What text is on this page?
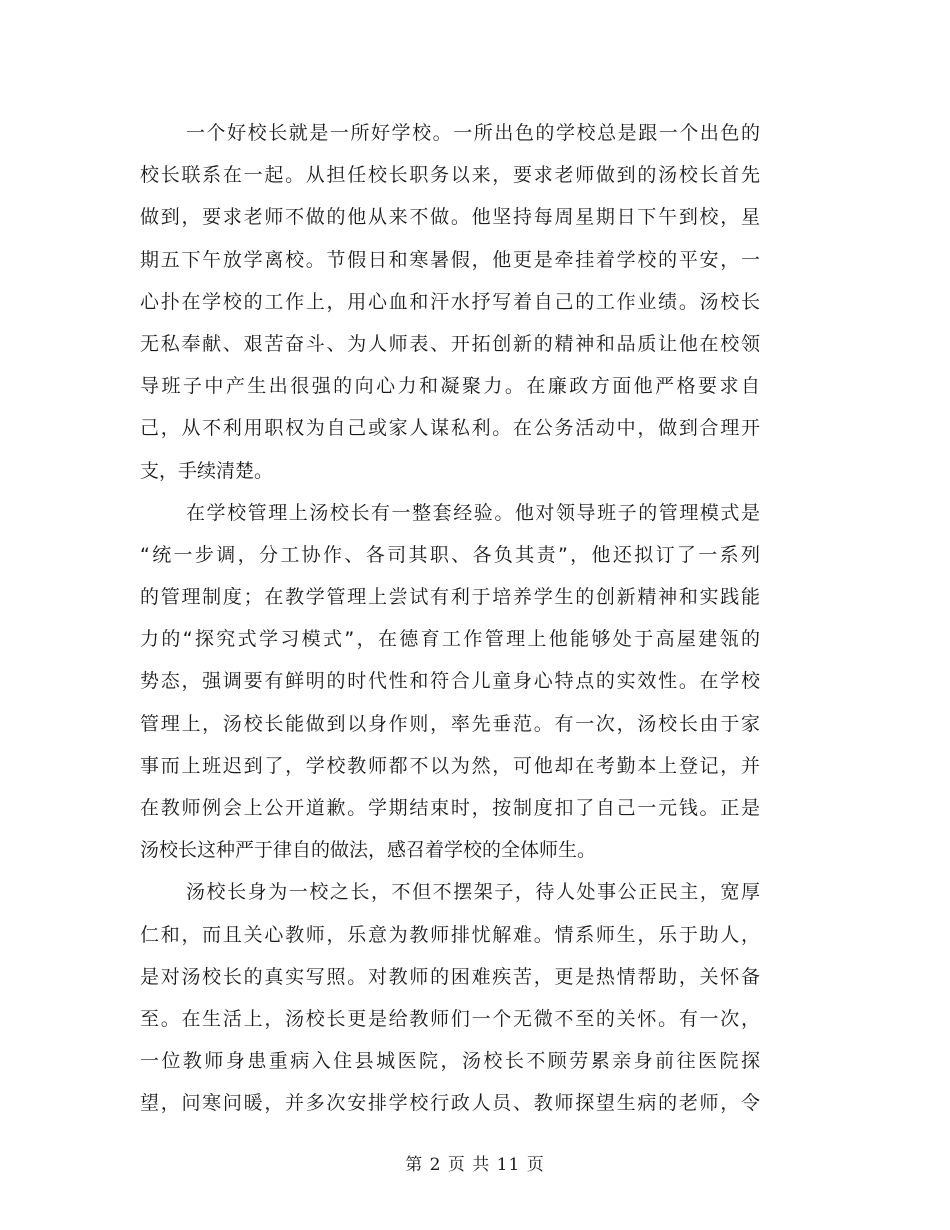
一个好校长就是一所好学校。一所出色的学校总是跟一个出色的
校长联系在一起。从担任校长职务以来，要求老师做到的汤校长首先
做到，要求老师不做的他从来不做。他坚持每周星期日下午到校，星
期五下午放学离校。节假日和寒暑假，他更是牵挂着学校的平安，一
心扑在学校的工作上，用心血和汗水抒写着自己的工作业绩。汤校长
无私奉献、艰苦奋斗、为人师表、开拓创新的精神和品质让他在校领
导班子中产生出很强的向心力和凝聚力。在廉政方面他严格要求自
己，从不利用职权为自己或家人谋私利。在公务活动中，做到合理开
支，手续清楚。
在学校管理上汤校长有一整套经验。他对领导班子的管理模式是
“统一步调，分工协作、各司其职、各负其责”，他还拟订了一系列
的管理制度；在教学管理上尝试有利于培养学生的创新精神和实践能
力的“探究式学习模式”，在德育工作管理上他能够处于高屋建瓴的
势态，强调要有鲜明的时代性和符合儿童身心特点的实效性。在学校
管理上，汤校长能做到以身作则，率先垂范。有一次，汤校长由于家
事而上班迟到了，学校教师都不以为然，可他却在考勤本上登记，并
在教师例会上公开道歉。学期结束时，按制度扣了自己一元钱。正是
汤校长这种严于律自的做法，感召着学校的全体师生。
汤校长身为一校之长，不但不摆架子，待人处事公正民主，宽厚
仁和，而且关心教师，乐意为教师排忧解难。情系师生，乐于助人，
是对汤校长的真实写照。对教师的困难疾苦，更是热情帮助，关怀备
至。在生活上，汤校长更是给教师们一个无微不至的关怀。有一次，
一位教师身患重病入住县城医院，汤校长不顾劳累亲身前往医院探
望，问寒问暖，并多次安排学校行政人员、教师探望生病的老师，令
第 2 页 共 11 页
